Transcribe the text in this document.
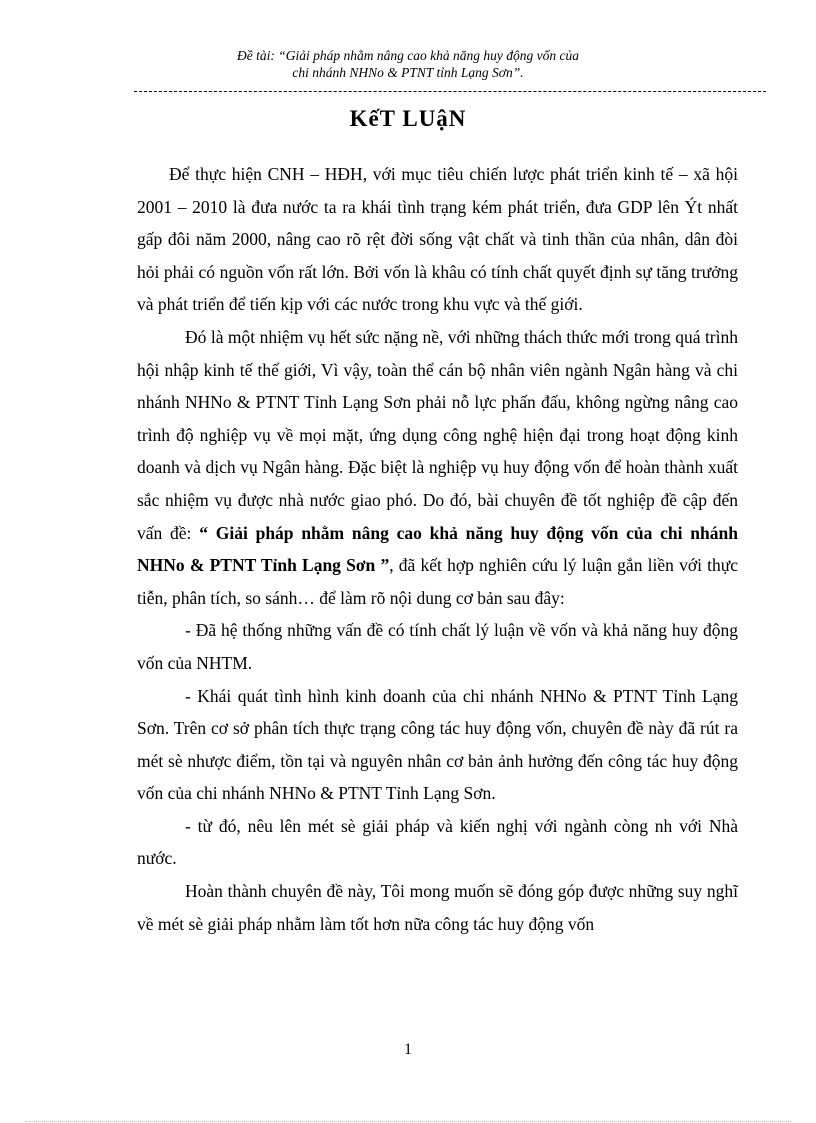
Đề tài: “Giải pháp nhằm nâng cao khả năng huy động vốn của
chi nhánh NHNo & PTNT tỉnh Lạng Sơn”.
KếT LUậN

Để thực hiện CNH – HĐH, với mục tiêu chiến lược phát triển kinh tế – xã hội 2001 – 2010 là đưa nước ta ra khái tình trạng kém phát triển, đưa GDP lên Ýt nhất gấp đôi năm 2000, nâng cao rõ rệt đời sống vật chất và tinh thần của nhân, dân đòi hỏi phải có nguồn vốn rất lớn. Bởi vốn là khâu có tính chất quyết định sự tăng trưởng và phát triển để tiến kịp với các nước trong khu vực và thế giới.

Đó là một nhiệm vụ hết sức nặng nề, với những thách thức mới trong quá trình hội nhập kinh tế thế giới, Vì vậy, toàn thể cán bộ nhân viên ngành Ngân hàng và chi nhánh NHNo & PTNT Tỉnh Lạng Sơn phải nỗ lực phấn đấu, không ngừng nâng cao trình độ nghiệp vụ về mọi mặt, ứng dụng công nghệ hiện đại trong hoạt động kinh doanh và dịch vụ Ngân hàng. Đặc biệt là nghiệp vụ huy động vốn để hoàn thành xuất sắc nhiệm vụ được nhà nước giao phó. Do đó, bài chuyên đề tốt nghiệp đề cập đến vấn đề: “ Giải pháp nhằm nâng cao khả năng huy động vốn của chi nhánh NHNo & PTNT Tỉnh Lạng Sơn ”, đã kết hợp nghiên cứu lý luận gắn liền với thực tiễn, phân tích, so sánh… để làm rõ nội dung cơ bản sau đây:

- Đã hệ thống những vấn đề có tính chất lý luận về vốn và khả năng huy động vốn của NHTM.

- Khái quát tình hình kinh doanh của chi nhánh NHNo & PTNT Tỉnh Lạng Sơn. Trên cơ sở phân tích thực trạng công tác huy động vốn, chuyên đề này đã rút ra mét sè nhược điểm, tồn tại và nguyên nhân cơ bản ảnh hưởng đến công tác huy động vốn của chi nhánh NHNo & PTNT Tỉnh Lạng Sơn.

- từ đó, nêu lên mét sè giải pháp và kiến nghị với ngành còng nh với Nhà nước.

Hoàn thành chuyên đề này, Tôi mong muốn sẽ đóng góp được những suy nghĩ về mét sè giải pháp nhằm làm tốt hơn nữa công tác huy động vốn

1
